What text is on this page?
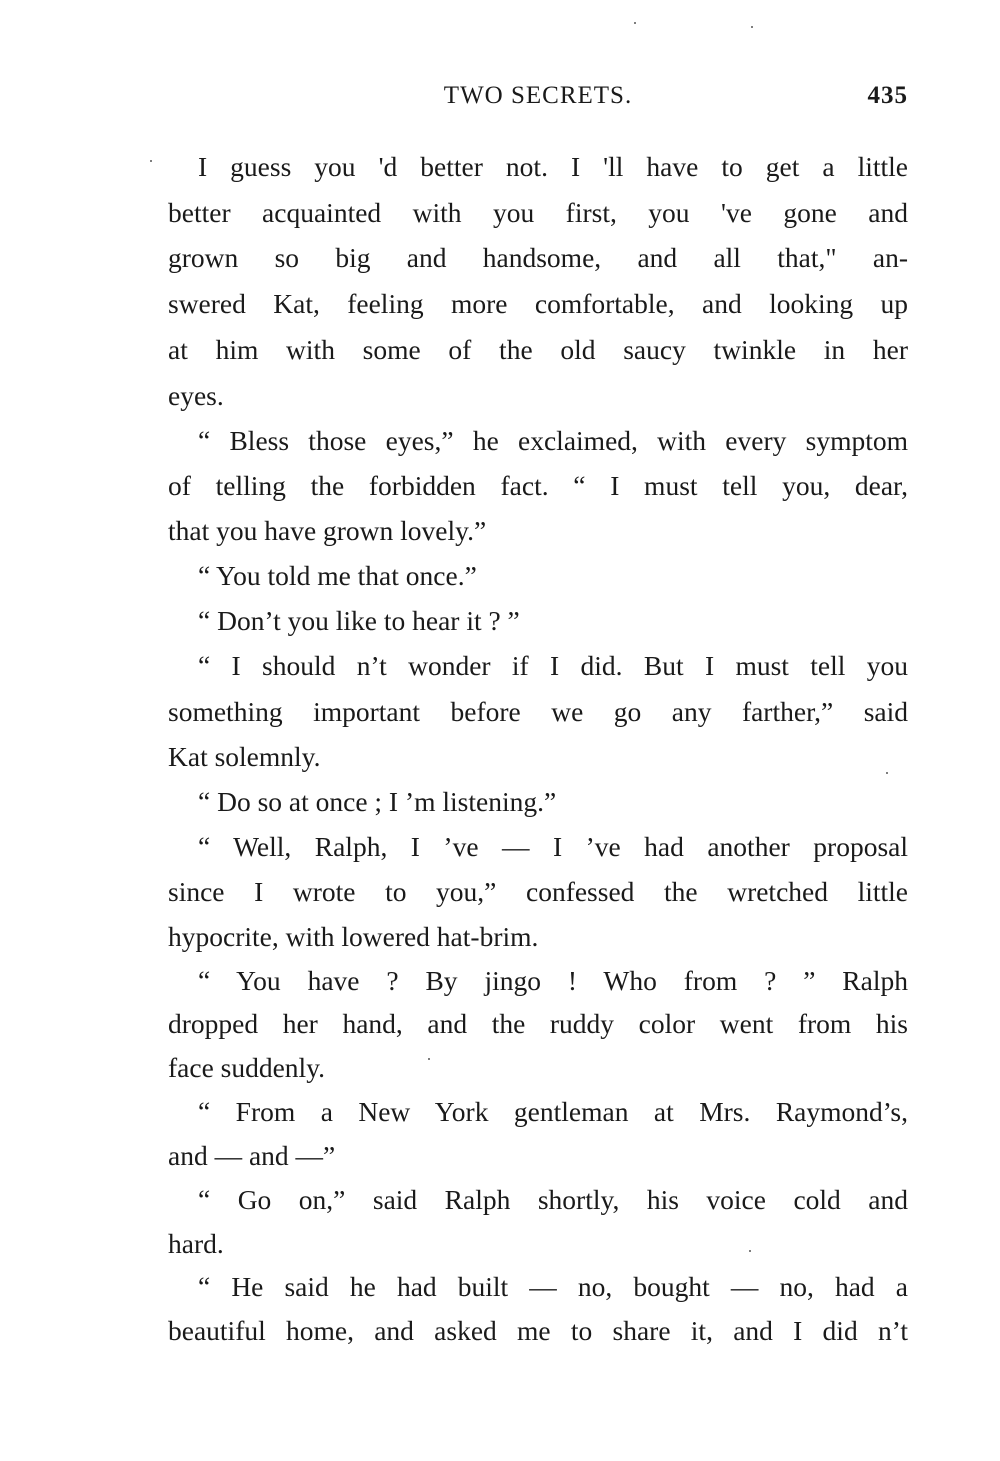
TWO SECRETS.	435
I guess you 'd better not. I 'll have to get a little
better acquainted with you first, you 've gone and
grown so big and handsome, and all that," an-
swered Kat, feeling more comfortable, and looking up
at him with some of the old saucy twinkle in her
eyes.
“ Bless those eyes,” he exclaimed, with every symptom
of telling the forbidden fact. “ I must tell you, dear,
that you have grown lovely.”
“ You told me that once.”
“ Don’t you like to hear it ? ”
“ I should n’t wonder if I did. But I must tell you
something important before we go any farther,” said
Kat solemnly.
“ Do so at once ; I ’m listening.”
“ Well, Ralph, I ’ve — I ’ve had another proposal
since I wrote to you,” confessed the wretched little
hypocrite, with lowered hat-brim.
“ You have ? By jingo ! Who from ? ” Ralph
dropped her hand, and the ruddy color went from his
face suddenly.
“ From a New York gentleman at Mrs. Raymond’s,
and — and —”
“ Go on,” said Ralph shortly, his voice cold and
hard.
“ He said he had built — no, bought — no, had a
beautiful home, and asked me to share it, and I did n’t
